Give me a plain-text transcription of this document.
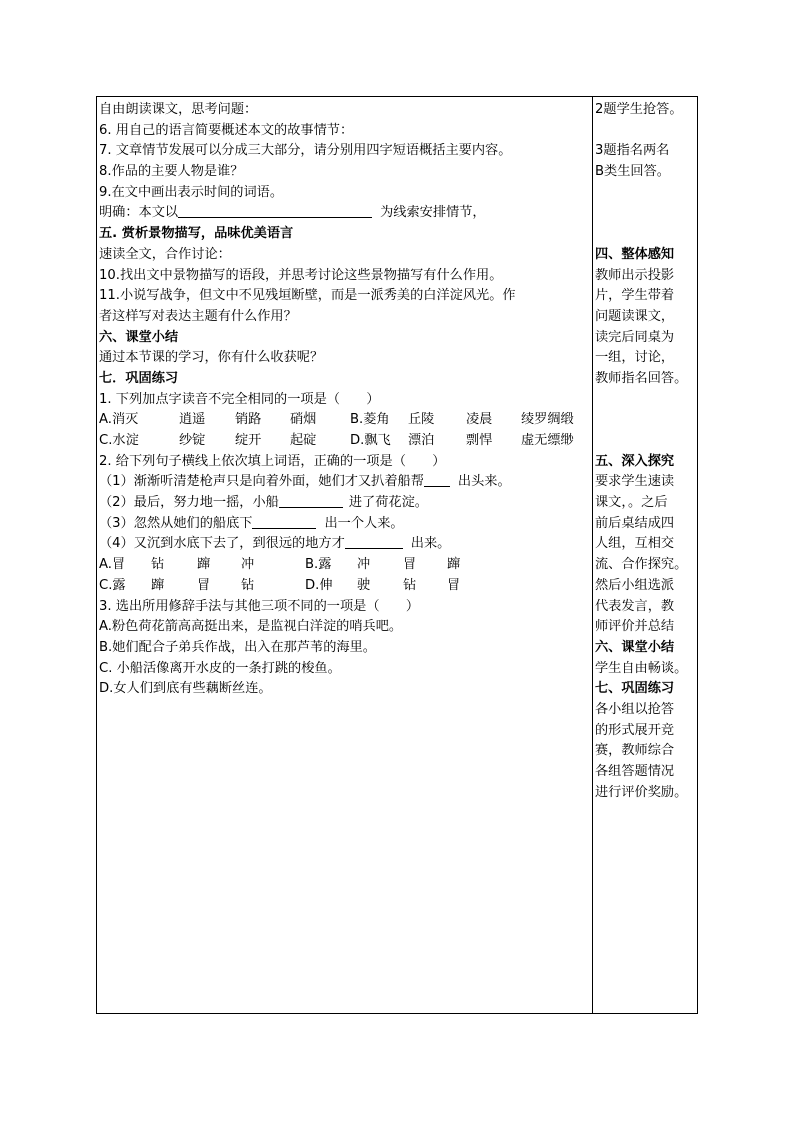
自由朗读课文，思考问题：
6. 用自己的语言简要概述本文的故事情节：
7. 文章情节发展可以分成三大部分，请分别用四字短语概括主要内容。
8.作品的主要人物是谁？
9.在文中画出表示时间的词语。
明确：本文以	为线索安排情节，
五. 赏析景物描写，品味优美语言
速读全文，合作讨论：
10.找出文中景物描写的语段，并思考讨论这些景物描写有什么作用。
11.小说写战争，但文中不见残垣断壁，而是一派秀美的白洋淀风光。作
者这样写对表达主题有什么作用？
六、课堂小结
通过本节课的学习，你有什么收获呢？
七．巩固练习
1. 下列加点字读音不完全相同的一项是（　　）
A.消灭	逍遥	销路	硝烟	B.菱角	丘陵	凌晨	绫罗绸缎
C.水淀	纱锭	绽开	起碇	D.飘飞	漂泊	剽悍	虚无缥缈
2. 给下列句子横线上依次填上词语，正确的一项是（　　）
（1）渐渐听清楚枪声只是向着外面，她们才又扒着船帮	出头来。
（2）最后，努力地一摇，小船	进了荷花淀。
（3）忽然从她们的船底下	出一个人来。
（4）又沉到水底下去了，到很远的地方才	出来。
A.冒	钻	蹿	冲	B.露	冲	冒	蹿
C.露	蹿	冒	钻	D.伸	驶	钻	冒
3. 选出所用修辞手法与其他三项不同的一项是（　　）
A.粉色荷花箭高高挺出来，是监视白洋淀的哨兵吧。
B.她们配合子弟兵作战，出入在那芦苇的海里。
C. 小船活像离开水皮的一条打跳的梭鱼。
D.女人们到底有些藕断丝连。
2题学生抢答。
3题指名两名
B类生回答。
四、整体感知
教师出示投影
片，学生带着
问题读课文，
读完后同桌为
一组，讨论，
教师指名回答。
五、深入探究
要求学生速读
课文，。之后
前后桌结成四
人组，互相交
流、合作探究。
然后小组选派
代表发言，教
师评价并总结
六、课堂小结
学生自由畅谈。
七、巩固练习
各小组以抢答
的形式展开竞
赛，教师综合
各组答题情况
进行评价奖励。
